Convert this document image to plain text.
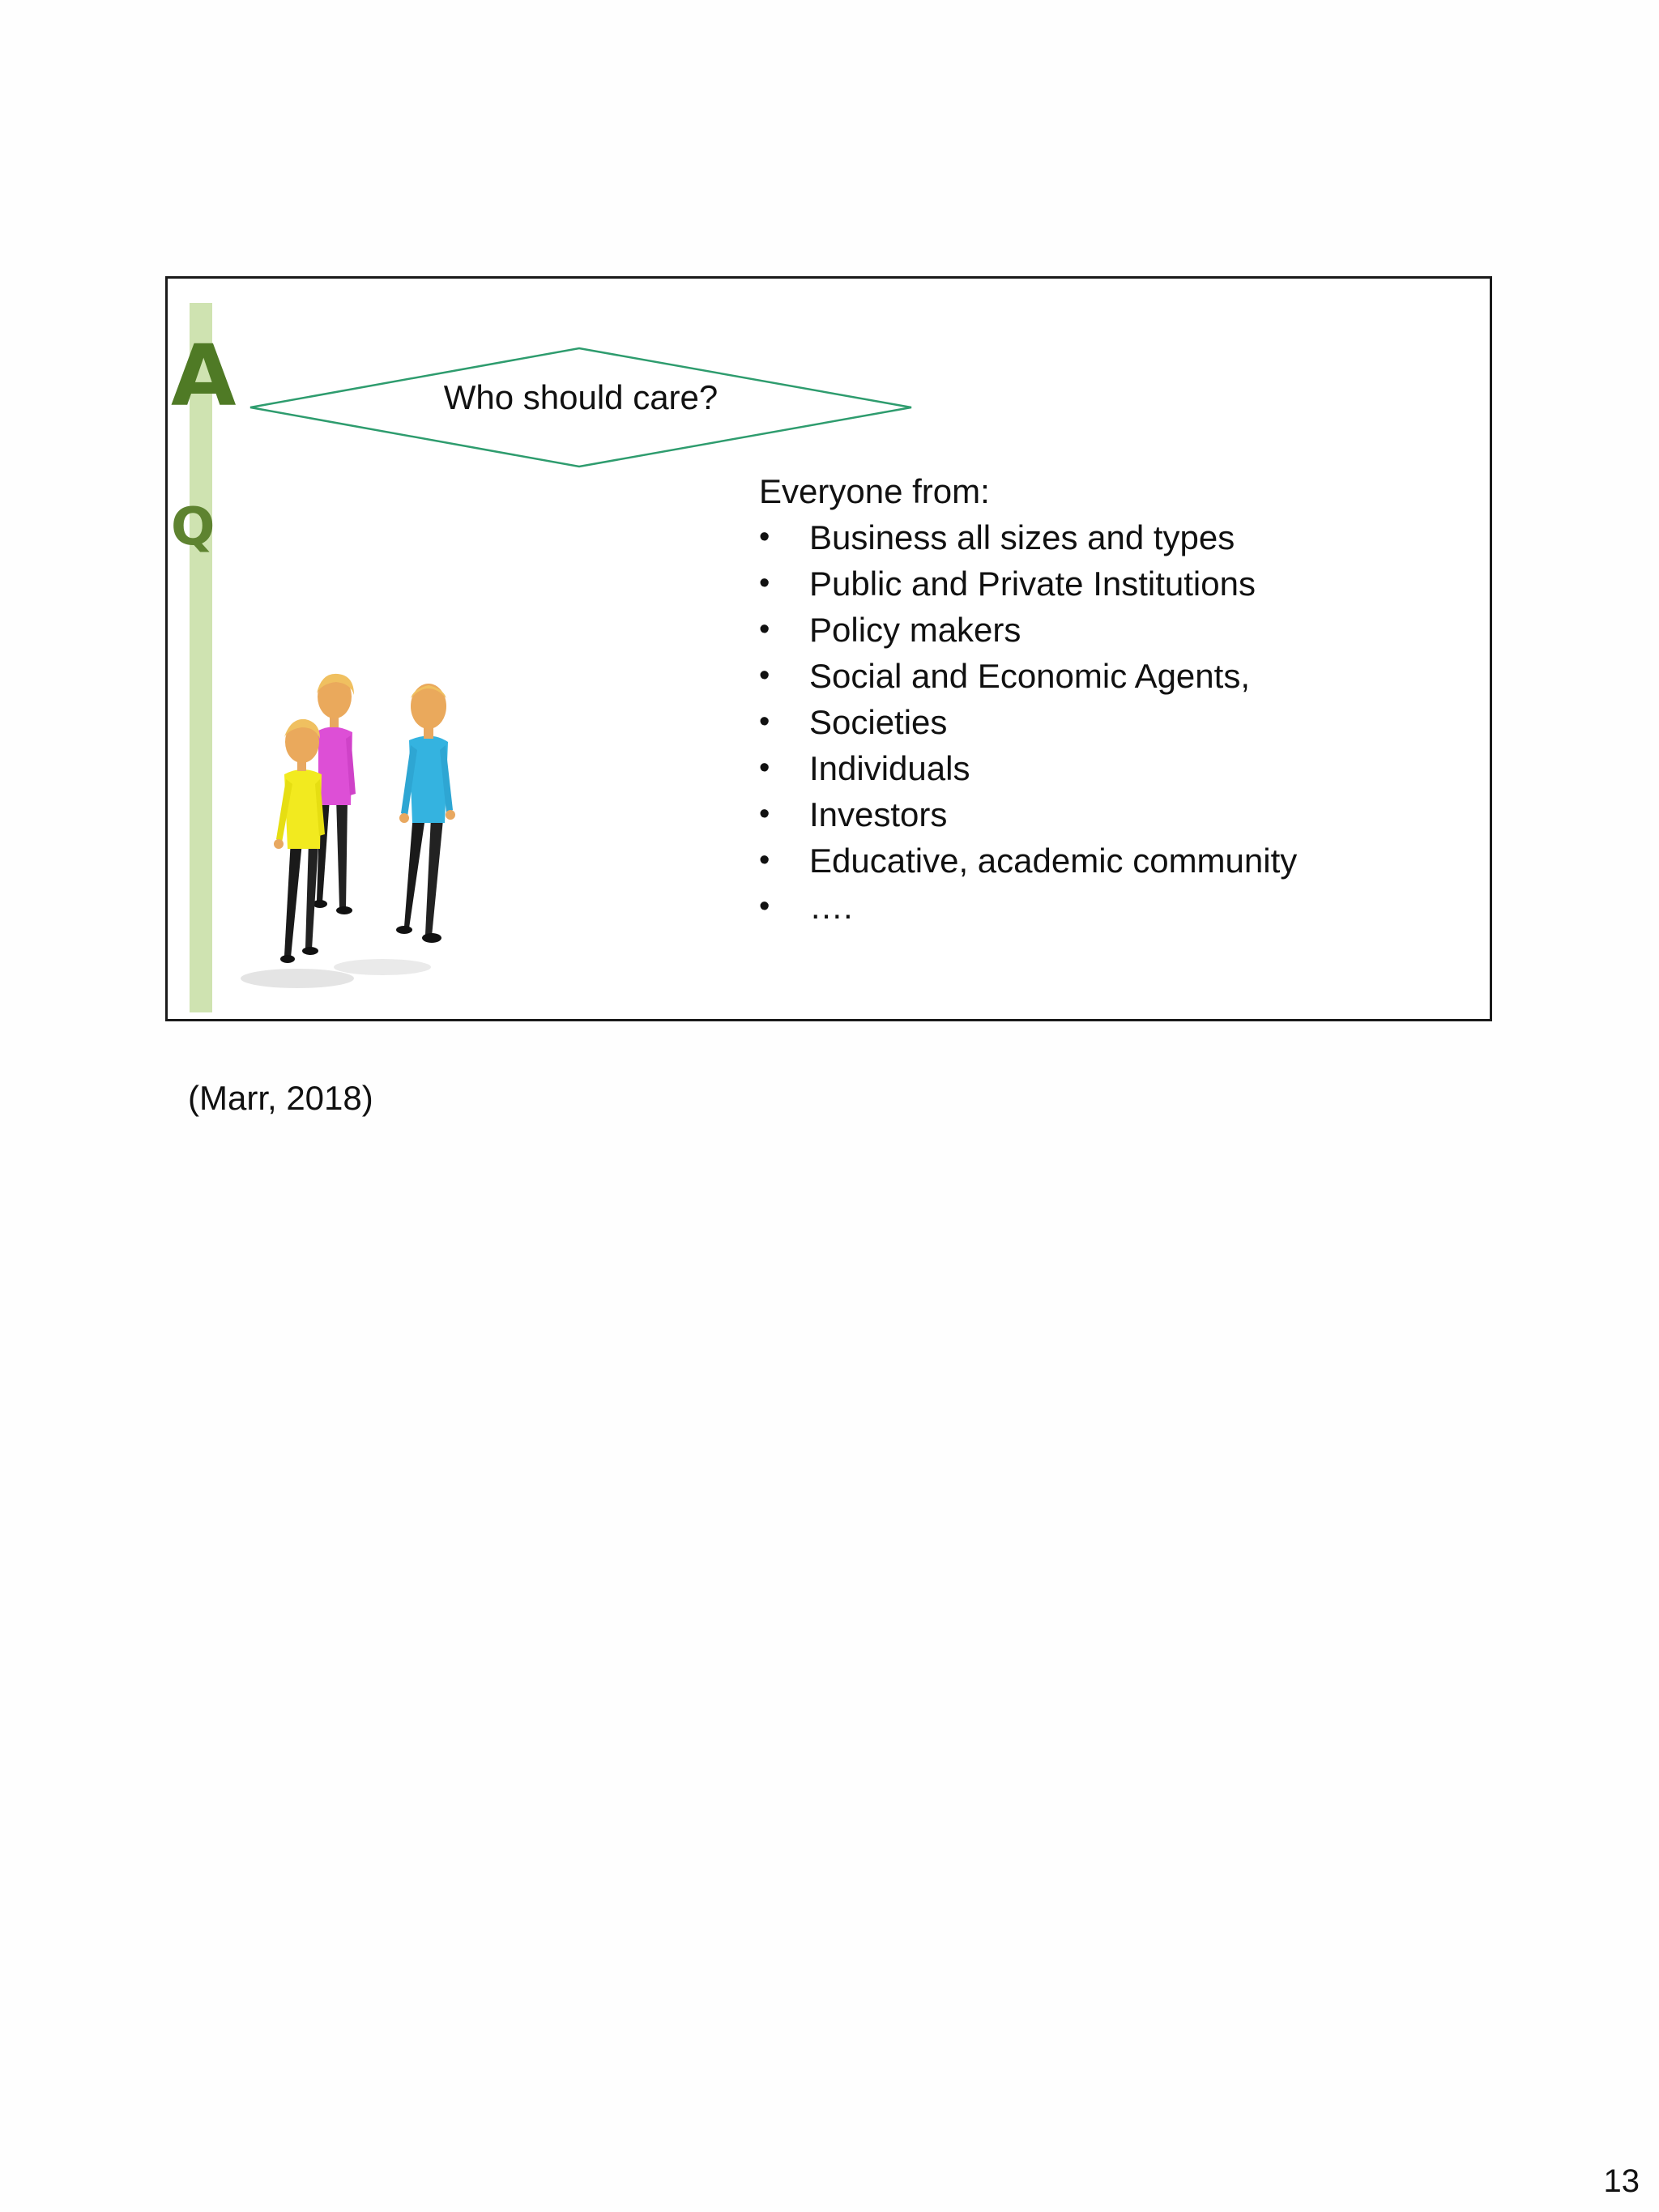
A
Q
Who should care?

Everyone from:

• Business all sizes and types
• Public and Private Institutions
• Policy makers
• Social and Economic Agents,
• Societies
• Individuals
• Investors
• Educative, academic community
• ….
(Marr, 2018)
13
